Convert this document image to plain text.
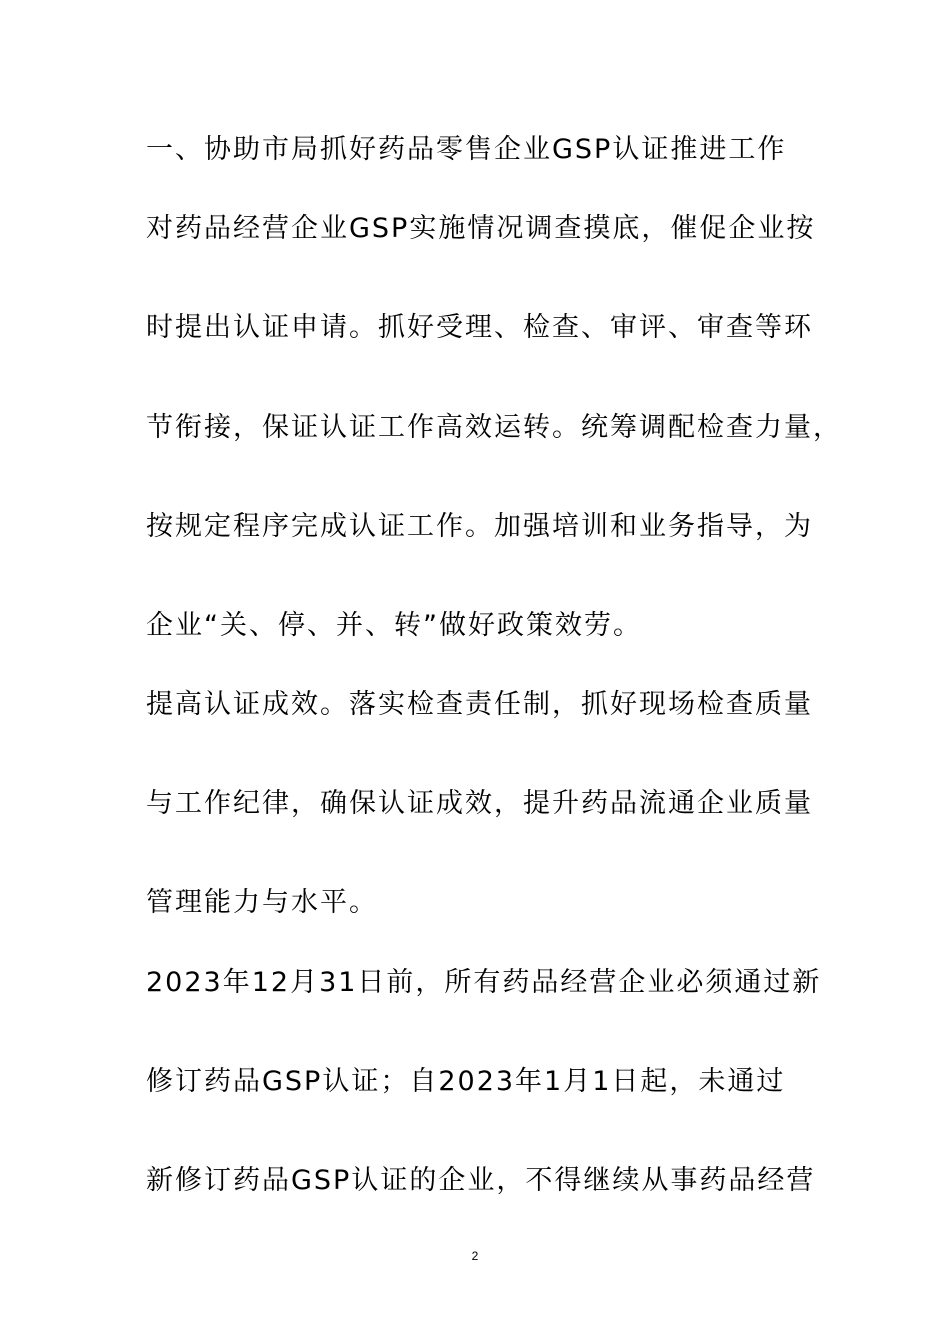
一、协助市局抓好药品零售企业GSP认证推进工作
对药品经营企业GSP实施情况调查摸底，催促企业按
时提出认证申请。抓好受理、检查、审评、审查等环
节衔接，保证认证工作高效运转。统筹调配检查力量，
按规定程序完成认证工作。加强培训和业务指导，为
企业“关、停、并、转”做好政策效劳。
提高认证成效。落实检查责任制，抓好现场检查质量
与工作纪律，确保认证成效，提升药品流通企业质量
管理能力与水平。
2023年12月31日前，所有药品经营企业必须通过新
修订药品GSP认证；自2023年1月1日起，未通过
新修订药品GSP认证的企业，不得继续从事药品经营
2
